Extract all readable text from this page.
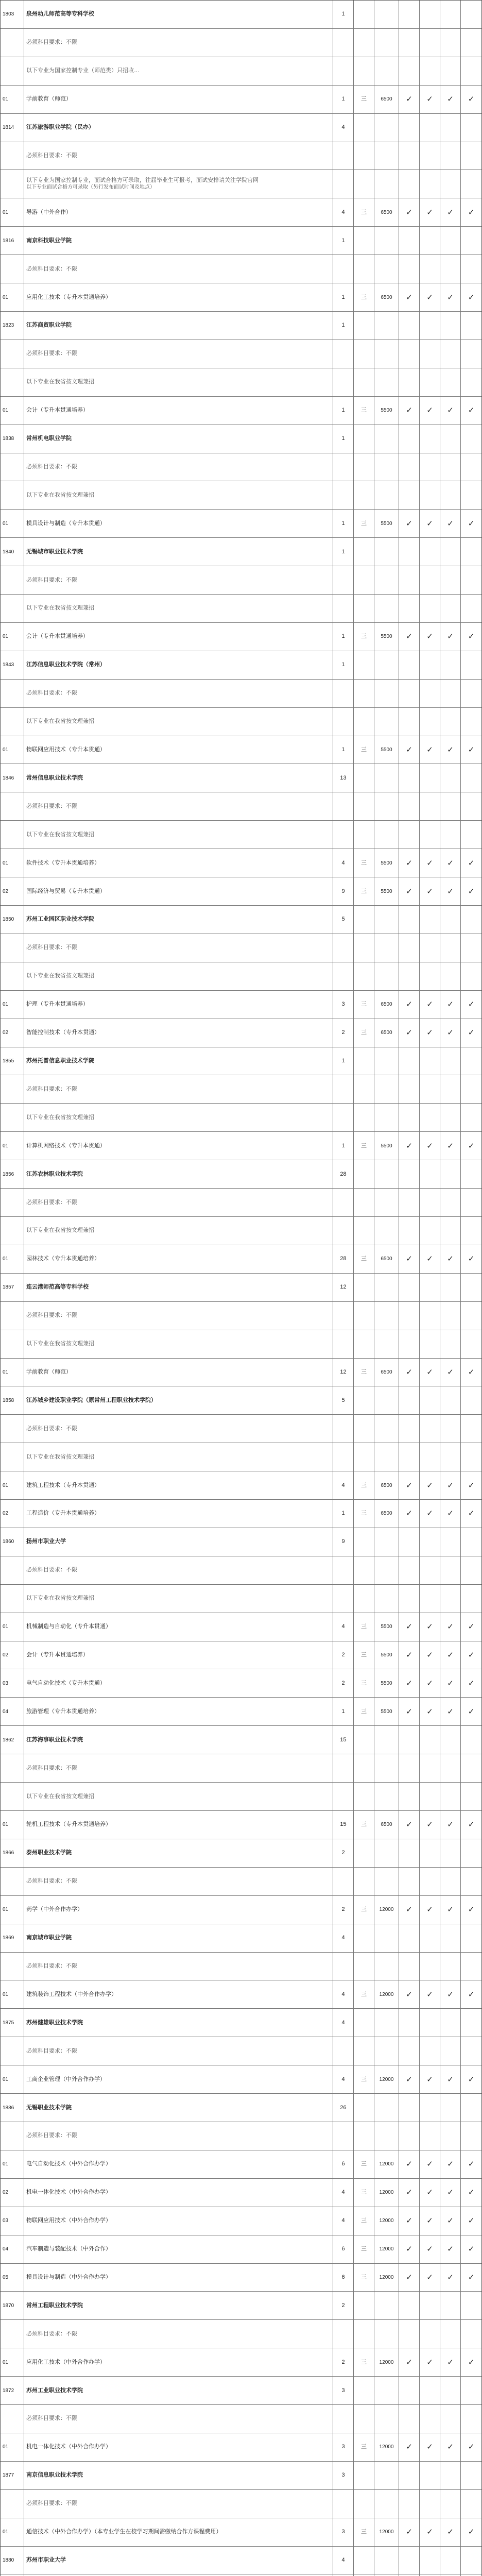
1803	泉州幼儿师范高等专科学校	1
必须科目要求：不限
以下专业为国家控制专业（师范类）只招收…
01	学前教育（师范）	1	三	6500	✓	✓	✓	✓
1814	江苏旅游职业学院（民办）	4
必须科目要求：不限
以下专业为国家控制专业，面试合格方可录取，往届毕业生可报考，面试安排请关注学院官网
以下专业面试合格方可录取（另行发布面试时间及地点）
01	导游（中外合作）	4	三	6500	✓	✓	✓	✓
1816	南京科技职业学院	1
必须科目要求：不限
01	应用化工技术（专升本贯通培养）	1	三	6500	✓	✓	✓	✓
1823	江苏商贸职业学院	1
必须科目要求：不限
以下专业在我省按文理兼招
01	会计（专升本贯通培养）	1	三	5500	✓	✓	✓	✓
1838	常州机电职业学院	1
必须科目要求：不限
以下专业在我省按文理兼招
01	模具设计与制造（专升本贯通）	1	三	5500	✓	✓	✓	✓
1840	无锡城市职业技术学院	1
必须科目要求：不限
以下专业在我省按文理兼招
01	会计（专升本贯通培养）	1	三	5500	✓	✓	✓	✓
1843	江苏信息职业技术学院（常州）	1
必须科目要求：不限
以下专业在我省按文理兼招
01	物联网应用技术（专升本贯通）	1	三	5500	✓	✓	✓	✓
1846	常州信息职业技术学院	13
必须科目要求：不限
以下专业在我省按文理兼招
01	软件技术（专升本贯通培养）	4	三	5500	✓	✓	✓	✓
02	国际经济与贸易（专升本贯通）	9	三	5500	✓	✓	✓	✓
1850	苏州工业园区职业技术学院	5
必须科目要求：不限
以下专业在我省按文理兼招
01	护理（专升本贯通培养）	3	三	6500	✓	✓	✓	✓
02	智能控制技术（专升本贯通）	2	三	6500	✓	✓	✓	✓
1855	苏州托普信息职业技术学院	1
必须科目要求：不限
以下专业在我省按文理兼招
01	计算机网络技术（专升本贯通）	1	三	5500	✓	✓	✓	✓
1856	江苏农林职业技术学院	28
必须科目要求：不限
以下专业在我省按文理兼招
01	园林技术（专升本贯通培养）	28	三	6500	✓	✓	✓	✓
1857	连云港师范高等专科学校	12
必须科目要求：不限
以下专业在我省按文理兼招
01	学前教育（师范）	12	三	6500	✓	✓	✓	✓
1858	江苏城乡建设职业学院（原常州工程职业技术学院）	5
必须科目要求：不限
以下专业在我省按文理兼招
01	建筑工程技术（专升本贯通）	4	三	6500	✓	✓	✓	✓
02	工程造价（专升本贯通培养）	1	三	6500	✓	✓	✓	✓
1860	扬州市职业大学	9
必须科目要求：不限
以下专业在我省按文理兼招
01	机械制造与自动化（专升本贯通）	4	三	5500	✓	✓	✓	✓
02	会计（专升本贯通培养）	2	三	5500	✓	✓	✓	✓
03	电气自动化技术（专升本贯通）	2	三	5500	✓	✓	✓	✓
04	旅游管理（专升本贯通培养）	1	三	5500	✓	✓	✓	✓
1862	江苏海事职业技术学院	15
必须科目要求：不限
以下专业在我省按文理兼招
01	轮机工程技术（专升本贯通培养）	15	三	6500	✓	✓	✓	✓
1866	泰州职业技术学院	2
必须科目要求：不限
01	药学（中外合作办学）	2	三	12000	✓	✓	✓	✓
1869	南京城市职业学院	4
必须科目要求：不限
01	建筑装饰工程技术（中外合作办学）	4	三	12000	✓	✓	✓	✓
1875	苏州健雄职业技术学院	4
必须科目要求：不限
01	工商企业管理（中外合作办学）	4	三	12000	✓	✓	✓	✓
1886	无锡职业技术学院	26
必须科目要求：不限
01	电气自动化技术（中外合作办学）	6	三	12000	✓	✓	✓	✓
02	机电一体化技术（中外合作办学）	4	三	12000	✓	✓	✓	✓
03	物联网应用技术（中外合作办学）	4	三	12000	✓	✓	✓	✓
04	汽车制造与装配技术（中外合作）	6	三	12000	✓	✓	✓	✓
05	模具设计与制造（中外合作办学）	6	三	12000	✓	✓	✓	✓
1870	常州工程职业技术学院	2
必须科目要求：不限
01	应用化工技术（中外合作办学）	2	三	12000	✓	✓	✓	✓
1872	苏州工业职业技术学院	3
必须科目要求：不限
01	机电一体化技术（中外合作办学）	3	三	12000	✓	✓	✓	✓
1877	南京信息职业技术学院	3
必须科目要求：不限
01	通信技术（中外合作办学）（本专业学生在校学习期间需缴纳合作方课程费用）	3	三	12000	✓	✓	✓	✓
1880	苏州市职业大学	4
